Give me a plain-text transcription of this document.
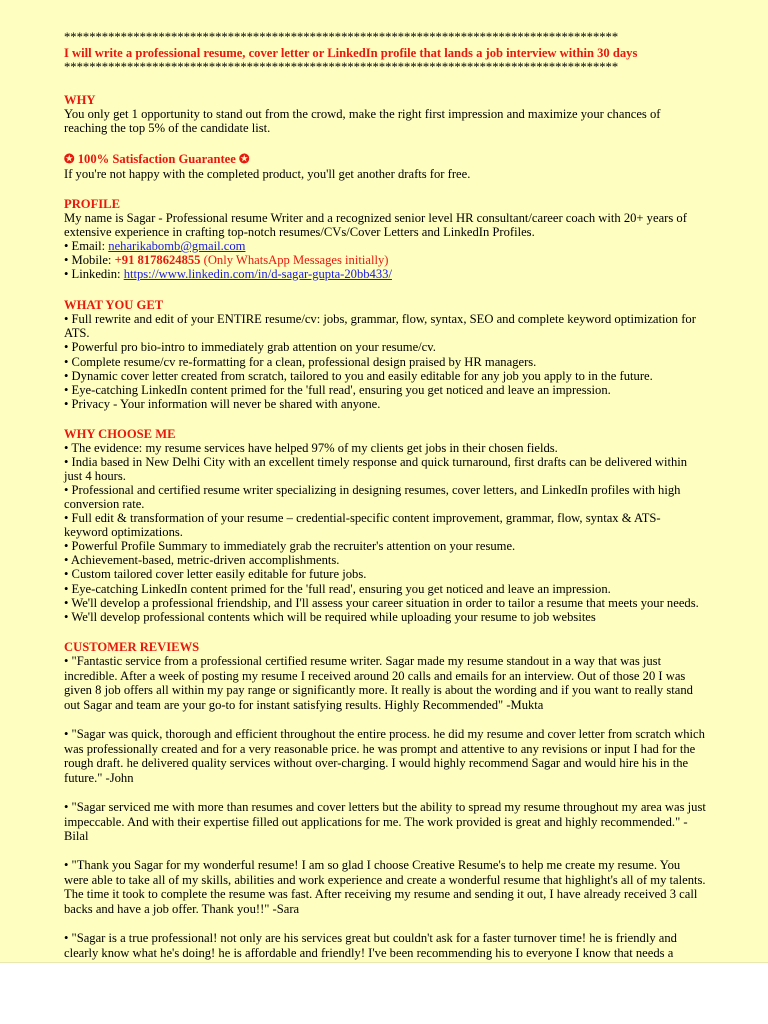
****************************************************************************************
I will write a professional resume, cover letter or LinkedIn profile that lands a job interview within 30 days
****************************************************************************************
WHY
You only get 1 opportunity to stand out from the crowd, make the right first impression and maximize your chances of
reaching the top 5% of the candidate list.
✪ 100% Satisfaction Guarantee ✪
If you're not happy with the completed product, you'll get another drafts for free.
PROFILE
My name is Sagar - Professional resume Writer and a recognized senior level HR consultant/career coach with 20+ years of
extensive experience in crafting top-notch resumes/CVs/Cover Letters and LinkedIn Profiles.
• Email: neharikabomb@gmail.com
• Mobile: +91 8178624855 (Only WhatsApp Messages initially)
• Linkedin: https://www.linkedin.com/in/d-sagar-gupta-20bb433/
WHAT YOU GET
• Full rewrite and edit of your ENTIRE resume/cv: jobs, grammar, flow, syntax, SEO and complete keyword optimization for
ATS.
• Powerful pro bio-intro to immediately grab attention on your resume/cv.
• Complete resume/cv re-formatting for a clean, professional design praised by HR managers.
• Dynamic cover letter created from scratch, tailored to you and easily editable for any job you apply to in the future.
• Eye-catching LinkedIn content primed for the 'full read', ensuring you get noticed and leave an impression.
• Privacy - Your information will never be shared with anyone.
WHY CHOOSE ME
• The evidence: my resume services have helped 97% of my clients get jobs in their chosen fields.
• India based in New Delhi City with an excellent timely response and quick turnaround, first drafts can be delivered within
just 4 hours.
• Professional and certified resume writer specializing in designing resumes, cover letters, and LinkedIn profiles with high
conversion rate.
• Full edit & transformation of your resume – credential-specific content improvement, grammar, flow, syntax & ATS-
keyword optimizations.
• Powerful Profile Summary to immediately grab the recruiter's attention on your resume.
• Achievement-based, metric-driven accomplishments.
• Custom tailored cover letter easily editable for future jobs.
• Eye-catching LinkedIn content primed for the 'full read', ensuring you get noticed and leave an impression.
• We'll develop a professional friendship, and I'll assess your career situation in order to tailor a resume that meets your needs.
• We'll develop professional contents which will be required while uploading your resume to job websites
CUSTOMER REVIEWS
• "Fantastic service from a professional certified resume writer. Sagar made my resume standout in a way that was just
incredible. After a week of posting my resume I received around 20 calls and emails for an interview. Out of those 20 I was
given 8 job offers all within my pay range or significantly more. It really is about the wording and if you want to really stand
out Sagar and team are your go-to for instant satisfying results. Highly Recommended" -Mukta
• "Sagar was quick, thorough and efficient throughout the entire process. he did my resume and cover letter from scratch which
was professionally created and for a very reasonable price. he was prompt and attentive to any revisions or input I had for the
rough draft. he delivered quality services without over-charging. I would highly recommend Sagar and would hire his in the
future." -John
• "Sagar serviced me with more than resumes and cover letters but the ability to spread my resume throughout my area was just
impeccable. And with their expertise filled out applications for me. The work provided is great and highly recommended." -
Bilal
• "Thank you Sagar for my wonderful resume! I am so glad I choose Creative Resume's to help me create my resume. You
were able to take all of my skills, abilities and work experience and create a wonderful resume that highlight's all of my talents.
The time it took to complete the resume was fast. After receiving my resume and sending it out, I have already received 3 call
backs and have a job offer. Thank you!!" -Sara
• "Sagar is a true professional! not only are his services great but couldn't ask for a faster turnover time! he is friendly and
clearly know what he's doing! he is affordable and friendly! I've been recommending his to everyone I know that needs a
